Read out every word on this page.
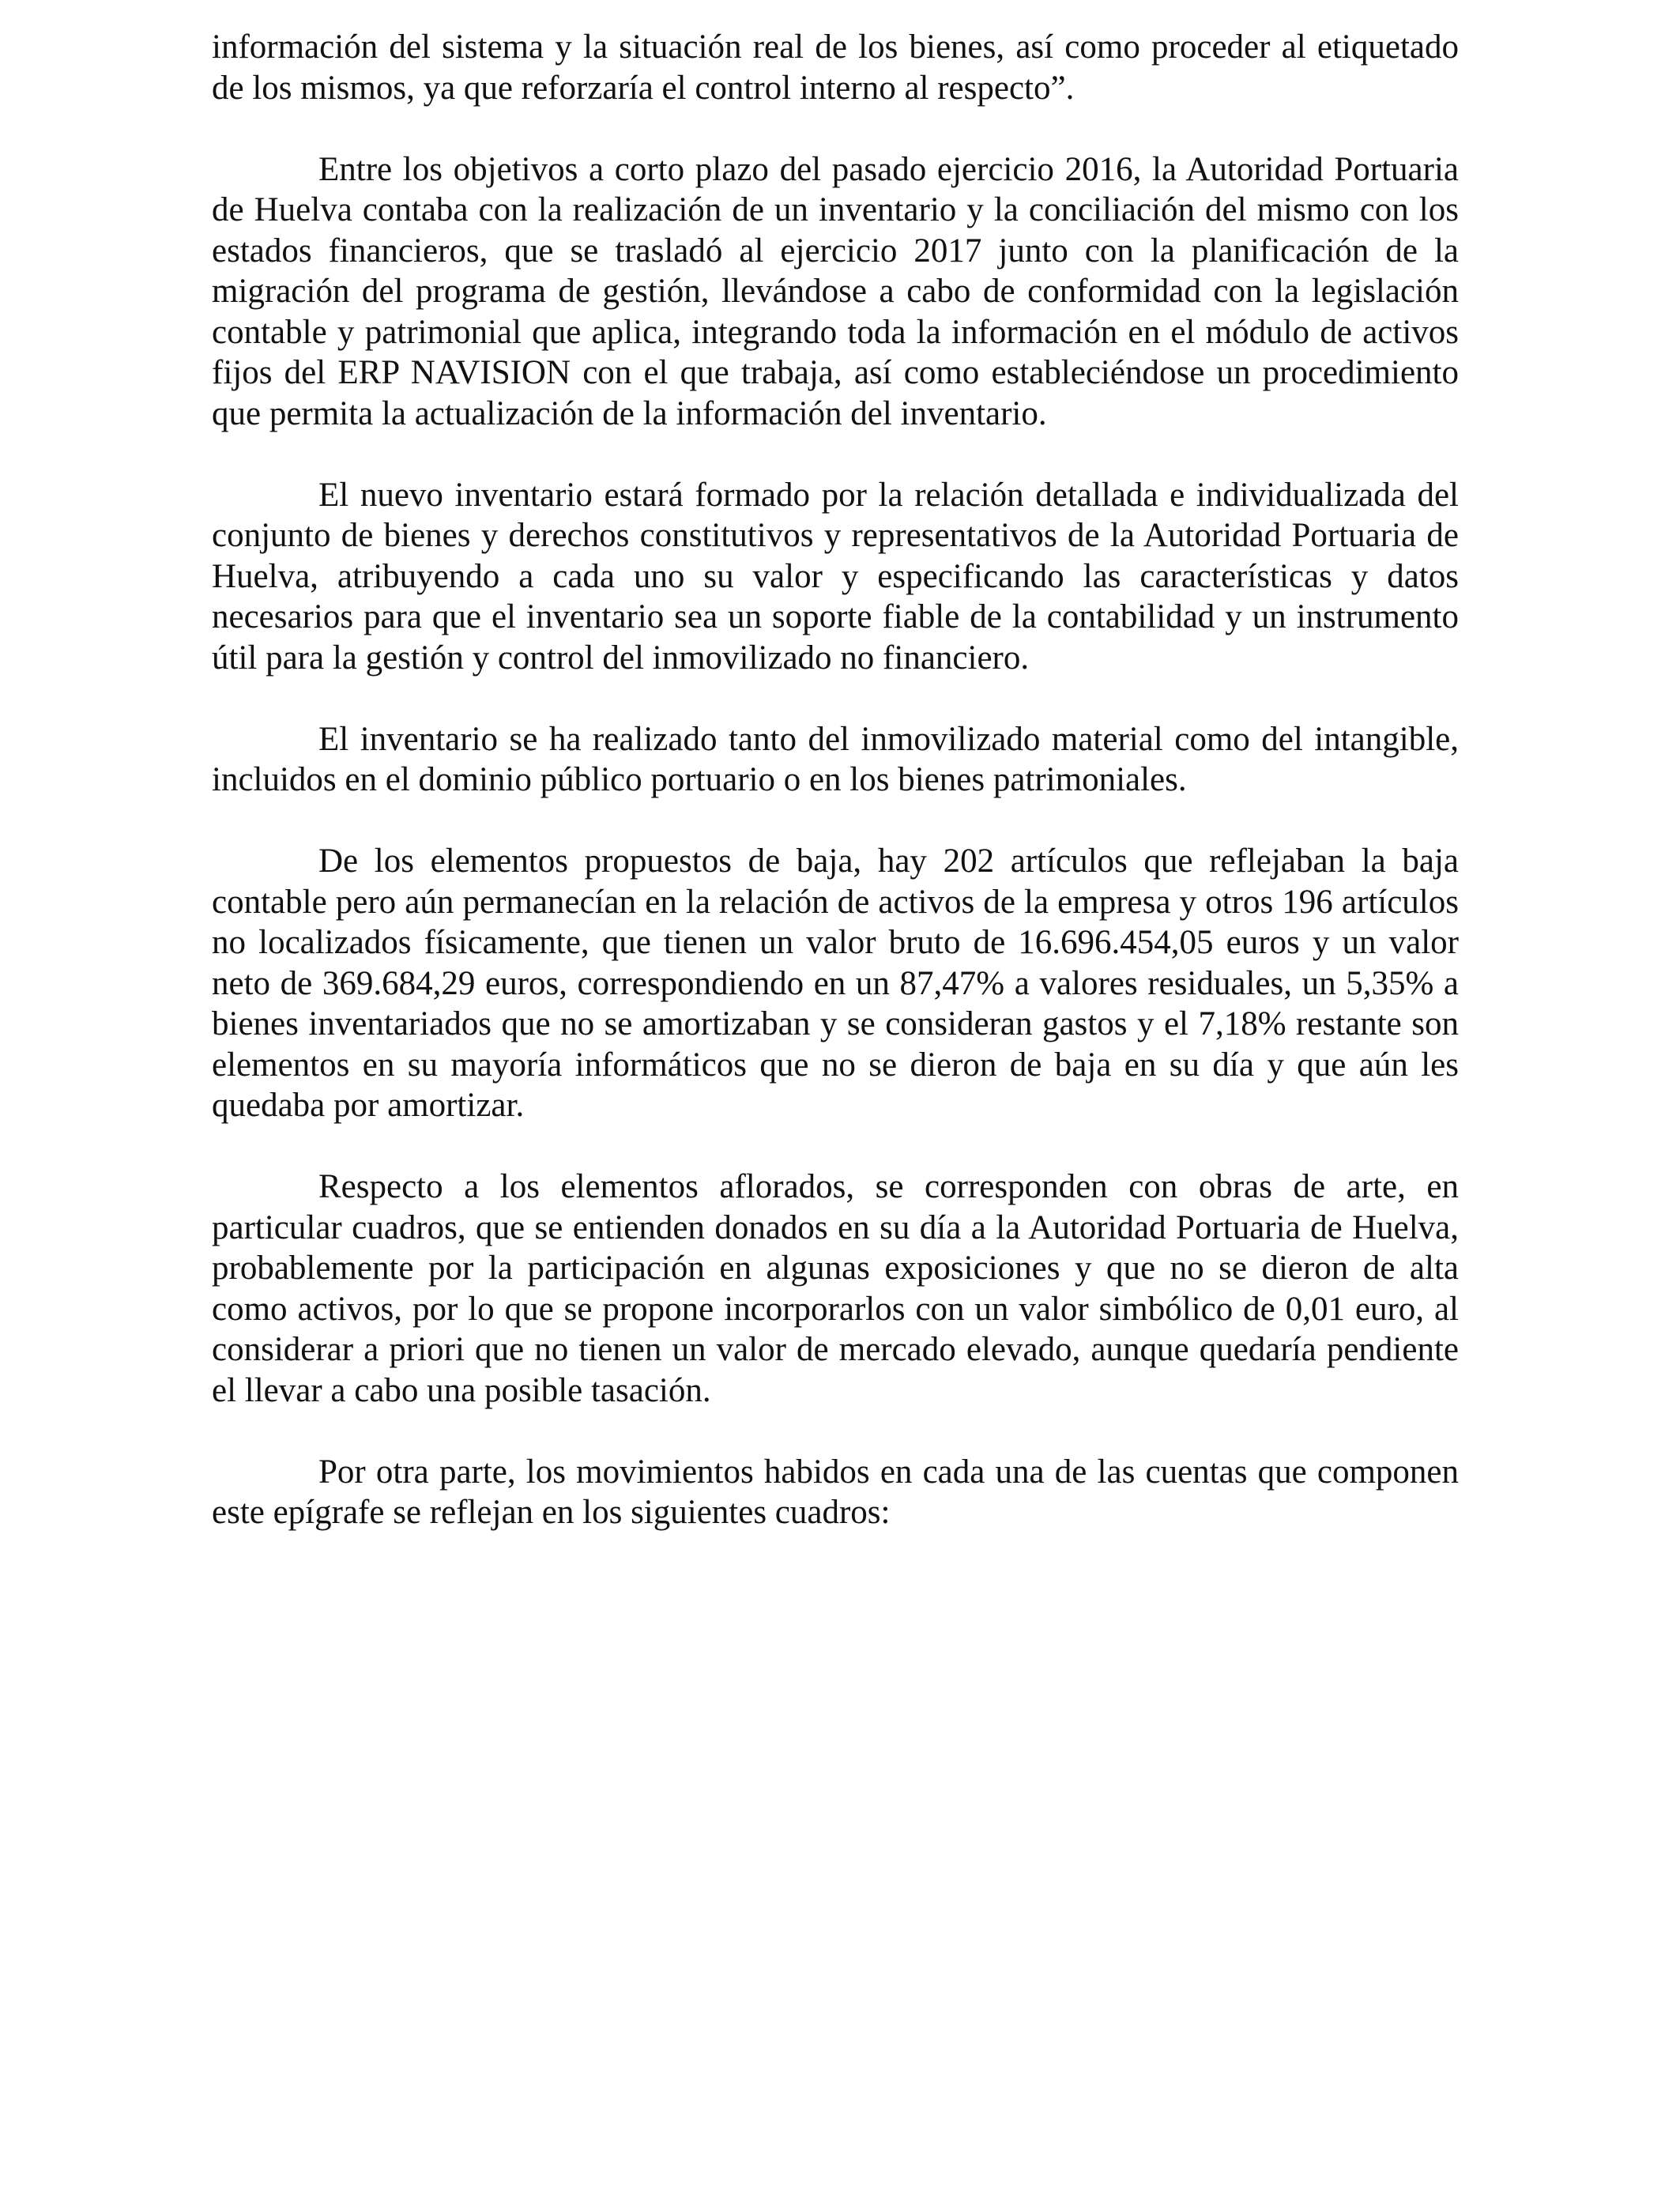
información del sistema y la situación real de los bienes, así como proceder al etiquetado de los mismos, ya que reforzaría el control interno al respecto”.

Entre los objetivos a corto plazo del pasado ejercicio 2016, la Autoridad Portuaria de Huelva contaba con la realización de un inventario y la conciliación del mismo con los estados financieros, que se trasladó al ejercicio 2017 junto con la planificación de la migración del programa de gestión, llevándose a cabo de conformidad con la legislación contable y patrimonial que aplica, integrando toda la información en el módulo de activos fijos del ERP NAVISION con el que trabaja, así como estableciéndose un procedimiento que permita la actualización de la información del inventario.

El nuevo inventario estará formado por la relación detallada e individualizada del conjunto de bienes y derechos constitutivos y representativos de la Autoridad Portuaria de Huelva, atribuyendo a cada uno su valor y especificando las características y datos necesarios para que el inventario sea un soporte fiable de la contabilidad y un instrumento útil para la gestión y control del inmovilizado no financiero.

El inventario se ha realizado tanto del inmovilizado material como del intangible, incluidos en el dominio público portuario o en los bienes patrimoniales.

De los elementos propuestos de baja, hay 202 artículos que reflejaban la baja contable pero aún permanecían en la relación de activos de la empresa y otros 196 artículos no localizados físicamente, que tienen un valor bruto de 16.696.454,05 euros y un valor neto de 369.684,29 euros, correspondiendo en un 87,47% a valores residuales, un 5,35% a bienes inventariados que no se amortizaban y se consideran gastos y el 7,18% restante son elementos en su mayoría informáticos que no se dieron de baja en su día y que aún les quedaba por amortizar.

Respecto a los elementos aflorados, se corresponden con obras de arte, en particular cuadros, que se entienden donados en su día a la Autoridad Portuaria de Huelva, probablemente por la participación en algunas exposiciones y que no se dieron de alta como activos, por lo que se propone incorporarlos con un valor simbólico de 0,01 euro, al considerar a priori que no tienen un valor de mercado elevado, aunque quedaría pendiente el llevar a cabo una posible tasación.

Por otra parte, los movimientos habidos en cada una de las cuentas que componen este epígrafe se reflejan en los siguientes cuadros:
